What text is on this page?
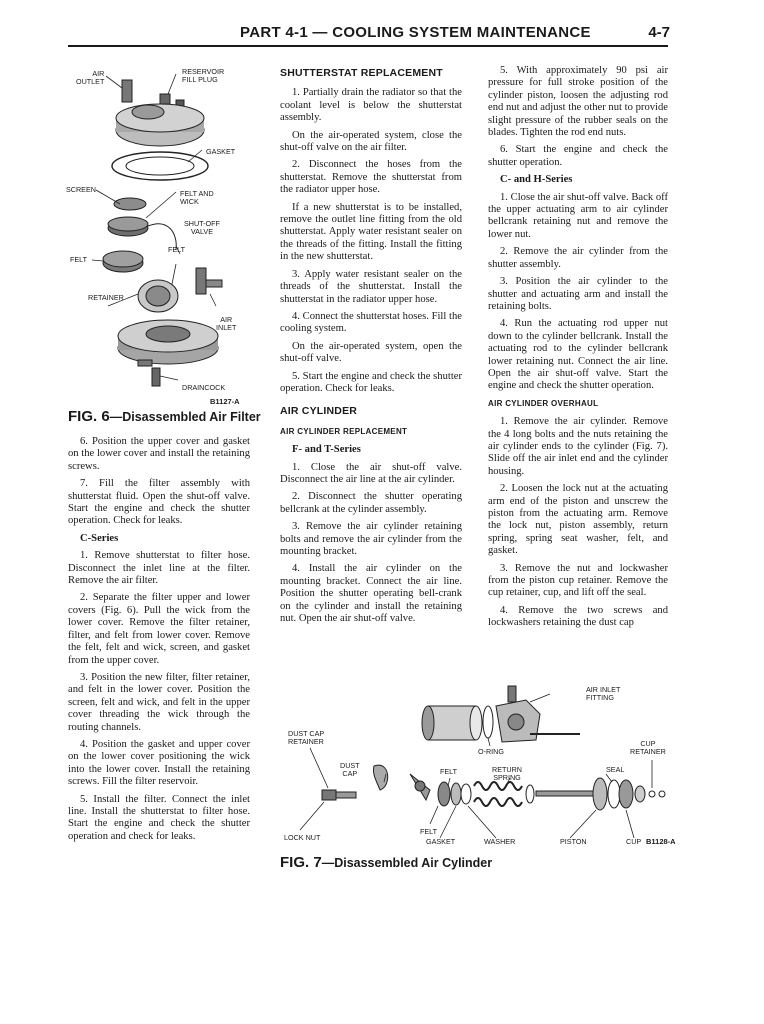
PART 4-1 — COOLING SYSTEM MAINTENANCE	4-7
AIR
OUTLET
RESERVOIR
FILL PLUG
GASKET
SCREEN	FELT AND
WICK
SHUT-OFF
VALVE
FELT
FELT
RETAINER
AIR
INLET
DRAINCOCK
B1127-A
FIG. 6—Disassembled Air Filter

6. Position the upper cover and gasket on the lower cover and install the retaining screws.

7. Fill the filter assembly with shutterstat fluid. Open the shut-off valve. Start the engine and check the shutter operation. Check for leaks.

C-Series

1. Remove shutterstat to filter hose. Disconnect the inlet line at the filter. Remove the air filter.

2. Separate the filter upper and lower covers (Fig. 6). Pull the wick from the lower cover. Remove the filter retainer, filter, and felt from lower cover. Remove the felt, felt and wick, screen, and gasket from the upper cover.

3. Position the new filter, filter retainer, and felt in the lower cover. Position the screen, felt and wick, and felt in the upper cover threading the wick through the routing channels.

4. Position the gasket and upper cover on the lower cover positioning the wick into the lower cover. Install the retaining screws. Fill the filter reservoir.

5. Install the filter. Connect the inlet line. Install the shutterstat to filter hose. Start the engine and check the shutter operation and check for leaks.

SHUTTERSTAT REPLACEMENT

1. Partially drain the radiator so that the coolant level is below the shutterstat assembly.

On the air-operated system, close the shut-off valve on the air filter.

2. Disconnect the hoses from the shutterstat. Remove the shutterstat from the radiator upper hose.

If a new shutterstat is to be installed, remove the outlet line fitting from the old shutterstat. Apply water resistant sealer on the threads of the fitting. Install the fitting in the new shutterstat.

3. Apply water resistant sealer on the threads of the shutterstat. Install the shutterstat in the radiator upper hose.

4. Connect the shutterstat hoses. Fill the cooling system.

On the air-operated system, open the shut-off valve.

5. Start the engine and check the shutter operation. Check for leaks.

AIR CYLINDER
AIR CYLINDER REPLACEMENT
F- and T-Series

1. Close the air shut-off valve. Disconnect the air line at the air cylinder.

2. Disconnect the shutter operating bellcrank at the cylinder assembly.

3. Remove the air cylinder retaining bolts and remove the air cylinder from the mounting bracket.

4. Install the air cylinder on the mounting bracket. Connect the air line. Position the shutter operating bell-crank on the cylinder and install the retaining nut. Open the air shut-off valve.

5. With approximately 90 psi air pressure for full stroke position of the cylinder piston, loosen the adjusting rod end nut and adjust the other nut to provide slight pressure of the rubber seals on the blades. Tighten the rod end nuts.

6. Start the engine and check the shutter operation.

C- and H-Series

1. Close the air shut-off valve. Back off the upper actuating arm to air cylinder bellcrank retaining nut and remove the lower nut.

2. Remove the air cylinder from the shutter assembly.

3. Position the air cylinder to the shutter and actuating arm and install the retaining bolts.

4. Run the actuating rod upper nut down to the cylinder bellcrank. Install the actuating rod to the cylinder bellcrank lower retaining nut. Connect the air line. Open the air shut-off valve. Start the engine and check the shutter operation.

AIR CYLINDER OVERHAUL

1. Remove the air cylinder. Remove the 4 long bolts and the nuts retaining the air cylinder ends to the cylinder (Fig. 7). Slide off the air inlet end and the cylinder housing.

2. Loosen the lock nut at the actuating arm end of the piston and unscrew the piston from the actuating arm. Remove the lock nut, piston assembly, return spring, spring seat washer, felt, and gasket.

3. Remove the nut and lockwasher from the piston cup retainer. Remove the cup retainer, cup, and lift off the seal.

4. Remove the two screws and lockwashers retaining the dust cap

AIR INLET
FITTING
DUST CAP
RETAINER
O-RING
CUP
RETAINER
DUST
CAP	FELT	RETURN
SPRING
SEAL
LOCK NUT
FELT
GASKET	WASHER	PISTON	CUP B1128-A
FIG. 7—Disassembled Air Cylinder
